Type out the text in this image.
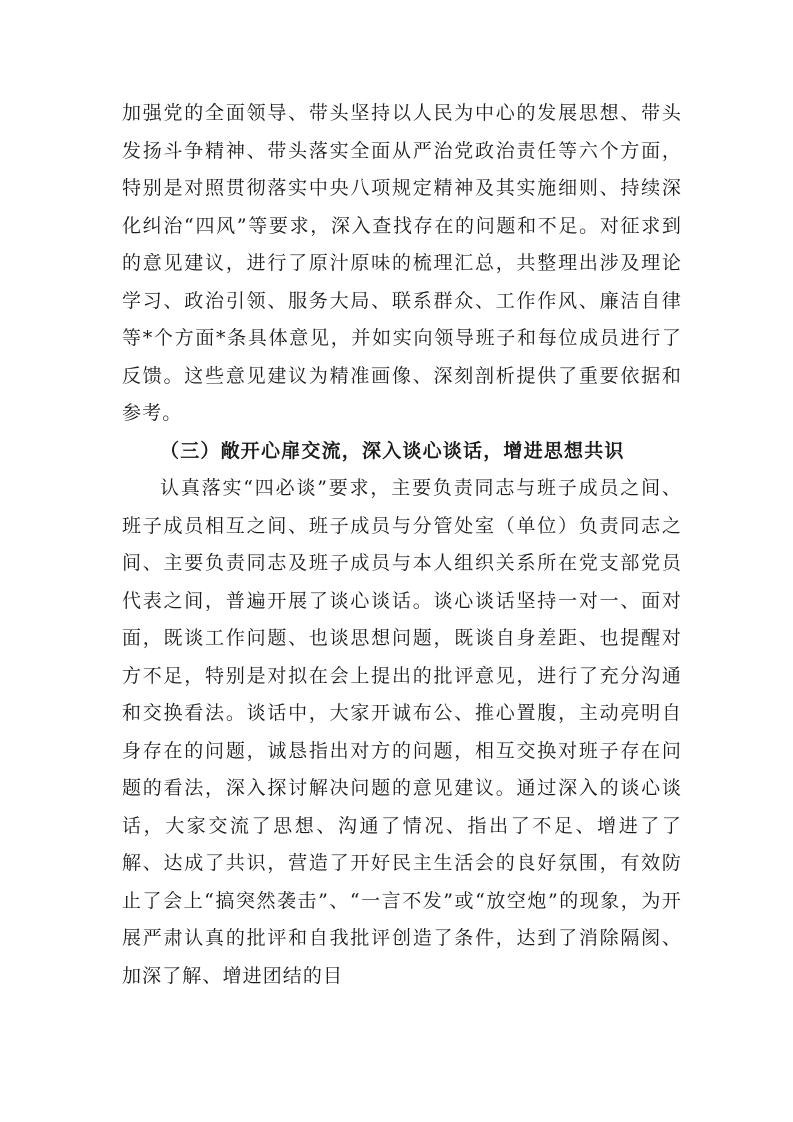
加强党的全面领导、带头坚持以人民为中心的发展思想、带头发扬斗争精神、带头落实全面从严治党政治责任等六个方面，特别是对照贯彻落实中央八项规定精神及其实施细则、持续深化纠治“四风”等要求，深入查找存在的问题和不足。对征求到的意见建议，进行了原汁原味的梳理汇总，共整理出涉及理论学习、政治引领、服务大局、联系群众、工作作风、廉洁自律等*个方面*条具体意见，并如实向领导班子和每位成员进行了反馈。这些意见建议为精准画像、深刻剖析提供了重要依据和参考。

（三）敞开心扉交流，深入谈心谈话，增进思想共识

认真落实“四必谈”要求，主要负责同志与班子成员之间、班子成员相互之间、班子成员与分管处室（单位）负责同志之间、主要负责同志及班子成员与本人组织关系所在党支部党员代表之间，普遍开展了谈心谈话。谈心谈话坚持一对一、面对面，既谈工作问题、也谈思想问题，既谈自身差距、也提醒对方不足，特别是对拟在会上提出的批评意见，进行了充分沟通和交换看法。谈话中，大家开诚布公、推心置腹，主动亮明自身存在的问题，诚恳指出对方的问题，相互交换对班子存在问题的看法，深入探讨解决问题的意见建议。通过深入的谈心谈话，大家交流了思想、沟通了情况、指出了不足、增进了了解、达成了共识，营造了开好民主生活会的良好氛围，有效防止了会上“搞突然袭击”、“一言不发”或“放空炮”的现象，为开展严肃认真的批评和自我批评创造了条件，达到了消除隔阂、加深了解、增进团结的目
